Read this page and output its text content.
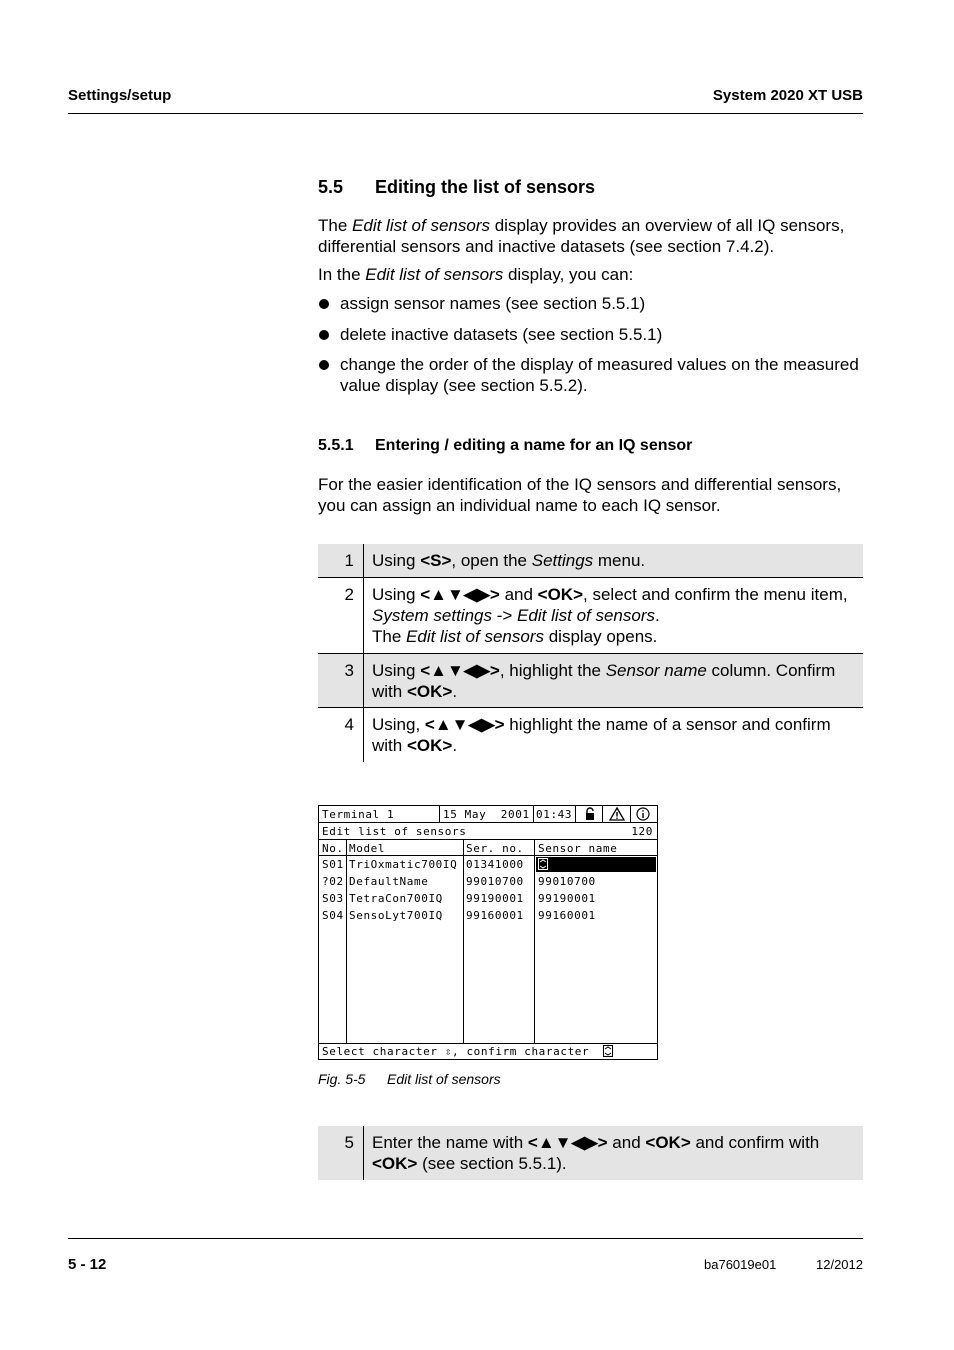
Settings/setup	System 2020 XT USB
5.5 Editing the list of sensors
The Edit list of sensors display provides an overview of all IQ sensors, differential sensors and inactive datasets (see section 7.4.2).
In the Edit list of sensors display, you can:
assign sensor names (see section 5.5.1)
delete inactive datasets (see section 5.5.1)
change the order of the display of measured values on the measured value display (see section 5.5.2).
5.5.1 Entering / editing a name for an IQ sensor
For the easier identification of the IQ sensors and differential sensors, you can assign an individual name to each IQ sensor.
1 Using <S>, open the Settings menu.
2 Using <▲▼◀▶> and <OK>, select and confirm the menu item, System settings -> Edit list of sensors.
The Edit list of sensors display opens.
3 Using <▲▼◀▶>, highlight the Sensor name column. Confirm with <OK>.
4 Using, <▲▼◀▶> highlight the name of a sensor and confirm with <OK>.
Terminal 1	15 May  2001 01:43
Edit list of sensors	120
No. Model	Ser. no. Sensor name
S01 TriOxmatic700IQ 01341000
?02 DefaultName	99010700 99010700
S03 TetraCon700IQ 99190001 99190001
S04 SensoLyt700IQ 99160001 99160001
Select character ⇳, confirm character
Fig. 5-5 Edit list of sensors
5 Enter the name with <▲▼◀▶> and <OK> and confirm with <OK> (see section 5.5.1).
5 - 12	ba76019e01	12/2012
